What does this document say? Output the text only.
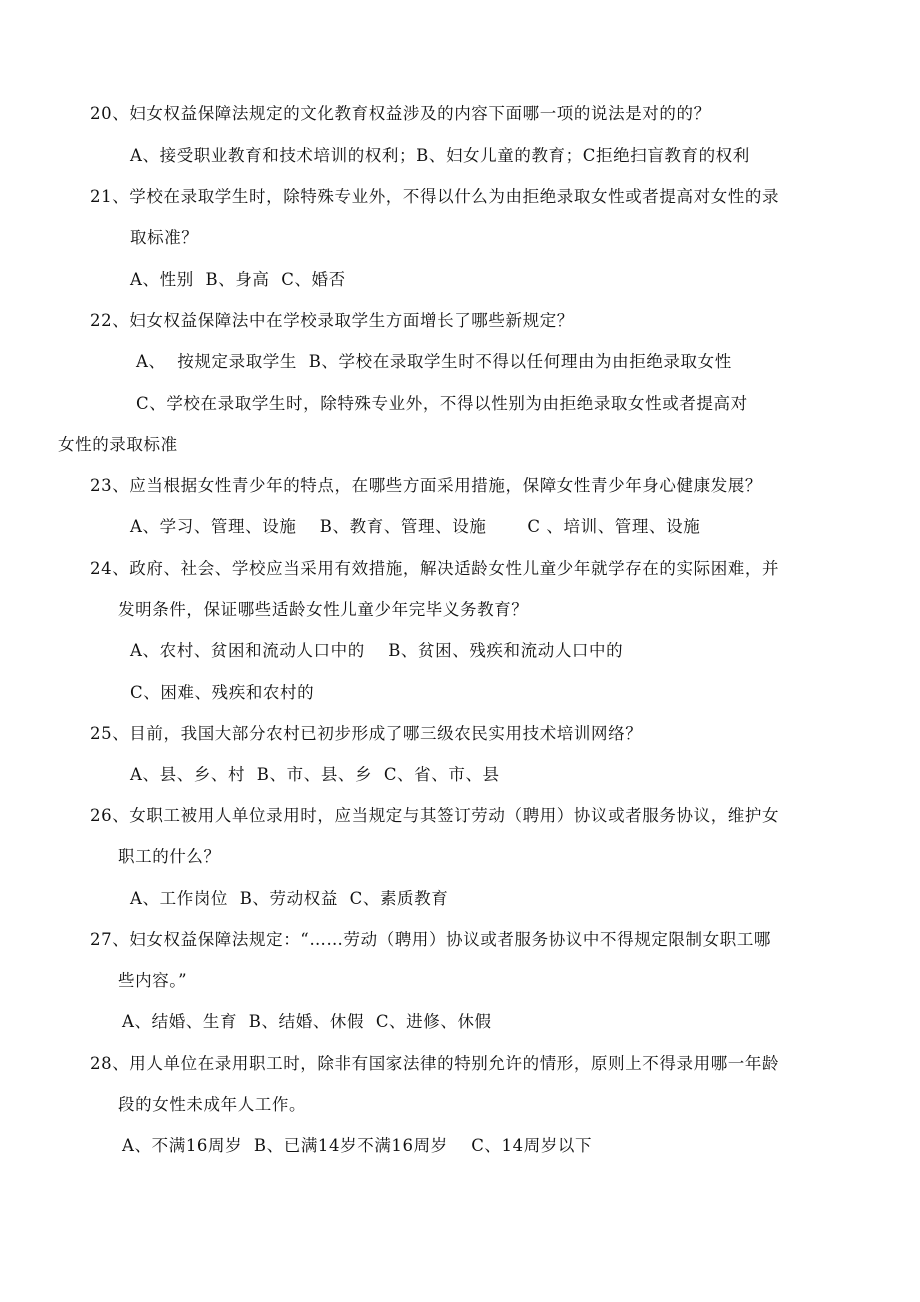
20、妇女权益保障法规定的文化教育权益涉及的内容下面哪一项的说法是对的的？
A、接受职业教育和技术培训的权利；B、妇女儿童的教育；C拒绝扫盲教育的权利
21、学校在录取学生时，除特殊专业外，不得以什么为由拒绝录取女性或者提高对女性的录
取标准？
A、性别  B、身高  C、婚否
22、妇女权益保障法中在学校录取学生方面增长了哪些新规定？
A、  按规定录取学生  B、学校在录取学生时不得以任何理由为由拒绝录取女性
C、学校在录取学生时，除特殊专业外，不得以性别为由拒绝录取女性或者提高对
女性的录取标准
23、应当根据女性青少年的特点，在哪些方面采用措施，保障女性青少年身心健康发展？
A、学习、管理、设施    B、教育、管理、设施       C 、培训、管理、设施
24、政府、社会、学校应当采用有效措施，解决适龄女性儿童少年就学存在的实际困难，并
发明条件，保证哪些适龄女性儿童少年完毕义务教育？
A、农村、贫困和流动人口中的    B、贫困、残疾和流动人口中的
C、困难、残疾和农村的
25、目前，我国大部分农村已初步形成了哪三级农民实用技术培训网络？
A、县、乡、村  B、市、县、乡  C、省、市、县
26、女职工被用人单位录用时，应当规定与其签订劳动（聘用）协议或者服务协议，维护女
职工的什么？
A、工作岗位  B、劳动权益  C、素质教育
27、妇女权益保障法规定：“……劳动（聘用）协议或者服务协议中不得规定限制女职工哪
些内容。”
A、结婚、生育  B、结婚、休假  C、进修、休假
28、用人单位在录用职工时，除非有国家法律的特别允许的情形，原则上不得录用哪一年龄
段的女性未成年人工作。
A、不满16周岁  B、已满14岁不满16周岁    C、14周岁以下
